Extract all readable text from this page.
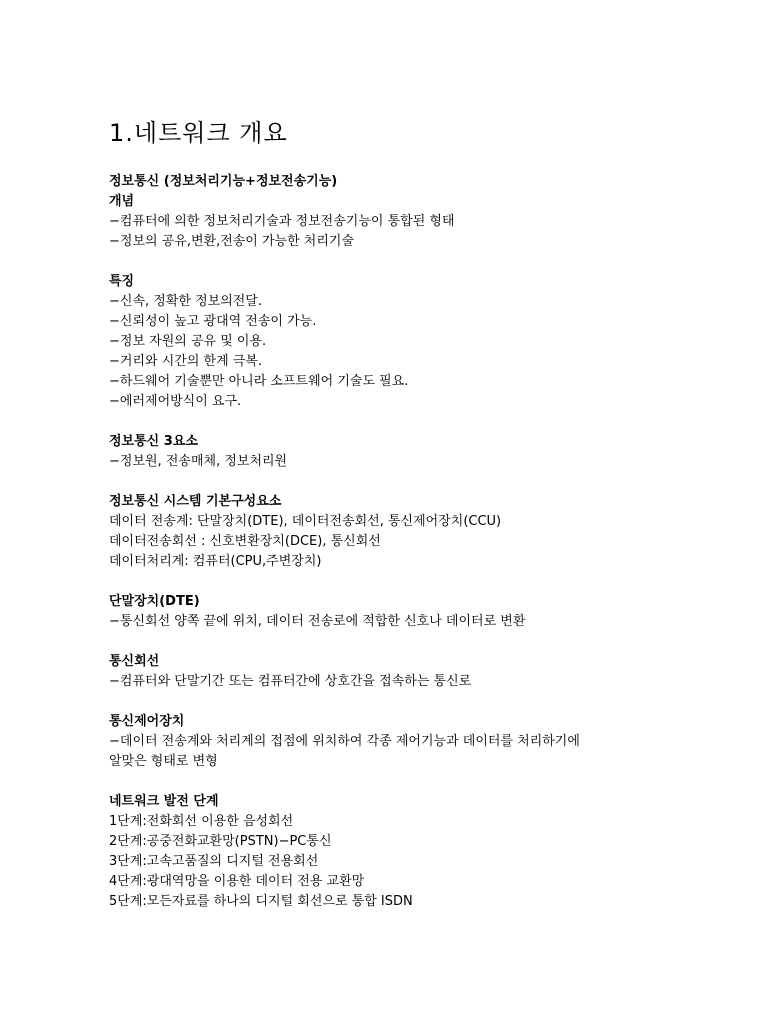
1.네트워크 개요

정보통신 (정보처리기능+정보전송기능)

개념

−컴퓨터에 의한 정보처리기술과 정보전송기능이 통합된 형태

−정보의 공유,변환,전송이 가능한 처리기술

특징

−신속, 정확한 정보의전달.

−신뢰성이 높고 광대역 전송이 가능.

−정보 자원의 공유 및 이용.

−거리와 시간의 한계 극복.

−하드웨어 기술뿐만 아니라 소프트웨어 기술도 필요.

−에러제어방식이 요구.

정보통신 3요소

−정보원, 전송매체, 정보처리원

정보통신 시스템 기본구성요소

데이터 전송계: 단말장치(DTE), 데이터전송회선, 통신제어장치(CCU)

데이터전송회선 : 신호변환장치(DCE), 통신회선

데이터처리계: 컴퓨터(CPU,주변장치)

단말장치(DTE)

−통신회선 양쪽 끝에 위치, 데이터 전송로에 적합한 신호나 데이터로 변환

통신회선

−컴퓨터와 단말기간 또는 컴퓨터간에 상호간을 접속하는 통신로

통신제어장치

−데이터 전송계와 처리계의 접점에 위치하여 각종 제어기능과 데이터를 처리하기에

알맞은 형태로 변형

네트워크 발전 단계

1단계:전화회선 이용한 음성회선

2단계:공중전화교환망(PSTN)−PC통신

3단계:고속고품질의 디지털 전용회선

4단계:광대역망을 이용한 데이터 전용 교환망

5단계:모든자료를 하나의 디지털 회선으로 통합 ISDN
